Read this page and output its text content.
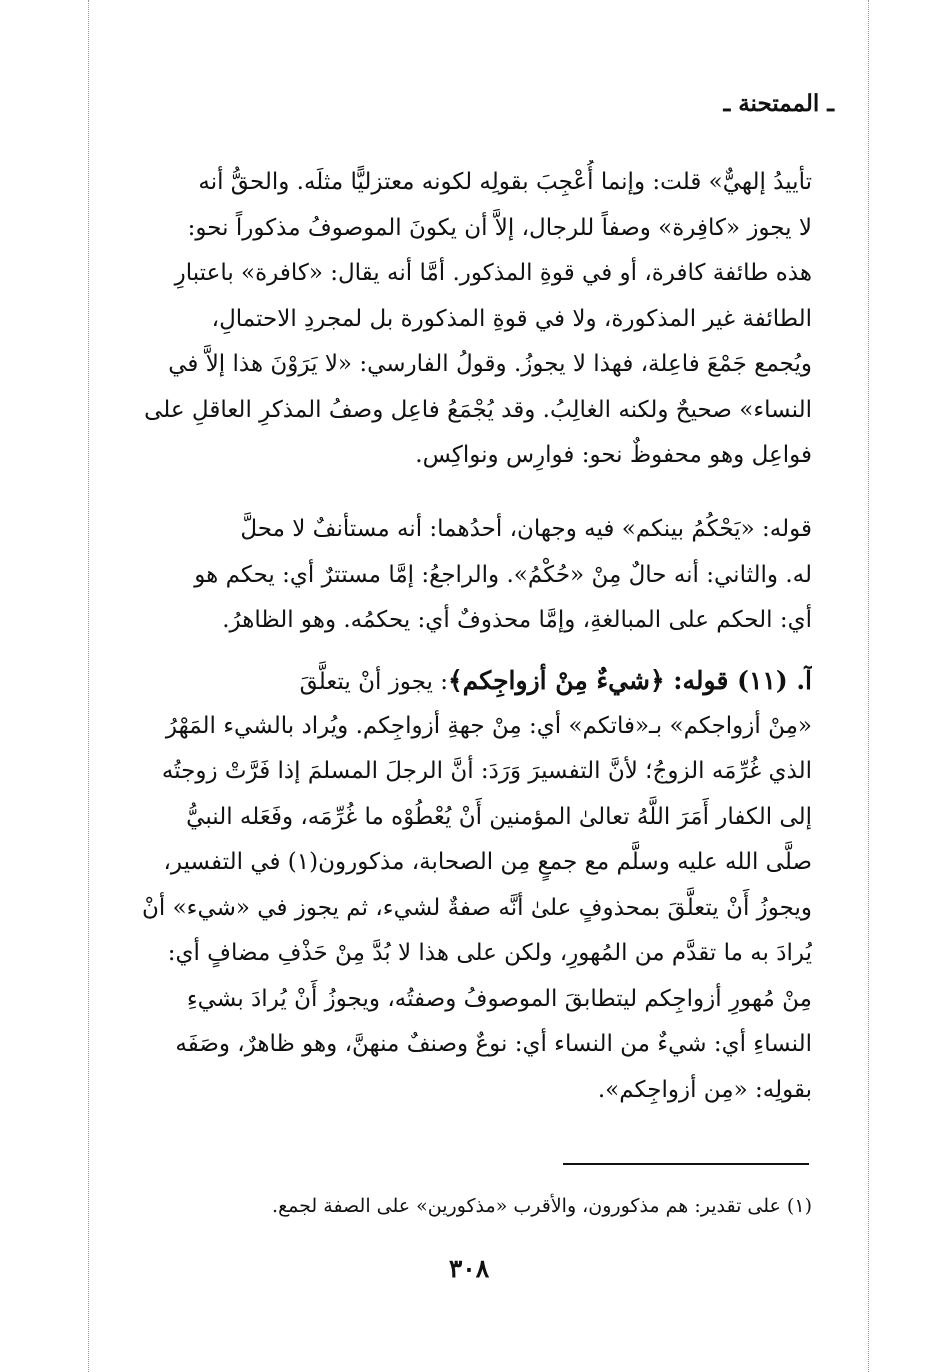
ـ الممتحنة ـ
تأييدُ إلهيٌّ» قلت: وإنما أُعْجِبَ بقولِه لكونه معتزليًّا مثلَه. والحقُّ أنه
لا يجوز «كافِرة» وصفاً للرجال، إلاَّ أن يكونَ الموصوفُ مذكوراً نحو:
هذه طائفة كافرة، أو في قوةِ المذكور. أمَّا أنه يقال: «كافرة» باعتبارِ
الطائفة غير المذكورة، ولا في قوةِ المذكورة بل لمجردِ الاحتمالِ،
ويُجمع جَمْعَ فاعِلة، فهذا لا يجوزُ. وقولُ الفارسي: «لا يَرَوْنَ هذا إلاَّ في
النساء» صحيحٌ ولكنه الغالِبُ. وقد يُجْمَعُ فاعِل وصفُ المذكرِ العاقلِ على
فواعِل وهو محفوظٌ نحو: فوارِس ونواكِس.
قوله: «يَحْكُمُ بينكم» فيه وجهان، أحدُهما: أنه مستأنفٌ لا محلَّ
له. والثاني: أنه حالٌ مِنْ «حُكْمُ». والراجعُ: إمَّا مستترٌ أي: يحكم هو
أي: الحكم على المبالغةِ، وإمَّا محذوفٌ أي: يحكمُه. وهو الظاهرُ.
آ. (١١) قوله: ﴿شيءٌ مِنْ أزواجِكم﴾: يجوز أنْ يتعلَّقَ
«مِنْ أزواجكم» بـ«فاتكم» أي: مِنْ جهةِ أزواجِكم. ويُراد بالشيء المَهْرُ
الذي غُرِّمَه الزوجُ؛ لأنَّ التفسيرَ وَرَدَ: أنَّ الرجلَ المسلمَ إذا فَرَّتْ زوجتُه
إلى الكفار أَمَرَ اللَّهُ تعالىٰ المؤمنين أَنْ يُعْطُوْه ما غُرِّمَه، وفَعَله النبيُّ
صلَّى الله عليه وسلَّم مع جمعٍ مِن الصحابة، مذكورون(١) في التفسير،
ويجوزُ أَنْ يتعلَّقَ بمحذوفٍ علىٰ أنَّه صفةٌ لشيء، ثم يجوز في «شيء» أنْ
يُرادَ به ما تقدَّم من المُهورِ، ولكن على هذا لا بُدَّ مِنْ حَذْفِ مضافٍ أي:
مِنْ مُهورِ أزواجِكم ليتطابقَ الموصوفُ وصفتُه، ويجوزُ أَنْ يُرادَ بشيءِ
النساءِ أي: شيءٌ من النساء أي: نوعٌ وصنفٌ منهنَّ، وهو ظاهرٌ، وصَفَه
بقولِه: «مِن أزواجِكم».
(١) على تقدير: هم مذكورون، والأقرب «مذكورين» على الصفة لجمع.
٣٠٨
